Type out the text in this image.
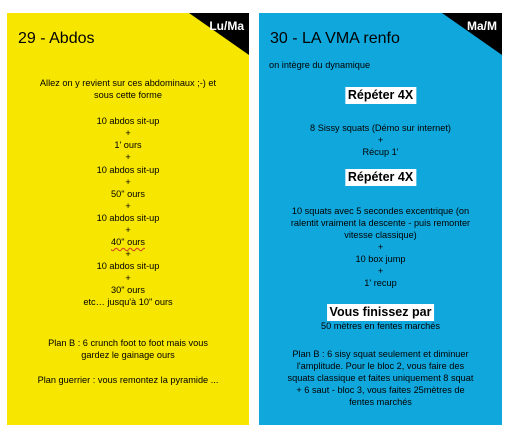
29 - Abdos
Lu/Ma
Allez on y revient sur ces abdominaux ;-) et
sous cette forme
10 abdos sit-up
+
1' ours
+
10 abdos sit-up
+
50" ours
+
10 abdos sit-up
+
40" ours
+
10 abdos sit-up
+
30" ours
etc… jusqu'à 10" ours
Plan B : 6 crunch foot to foot mais vous
gardez le gainage ours
Plan guerrier : vous remontez la pyramide ...
30 - LA VMA renfo
Ma/M
on intègre du dynamique
Répéter 4X
8 Sissy squats (Démo sur internet)
+
Récup 1'
Répéter 4X
10 squats avec 5 secondes excentrique (on
ralentit vraiment la descente - puis remonter
vitesse classique)
+
10 box jump
+
1' recup
Vous finissez par
50 mètres en fentes marchés
Plan B : 6 sisy squat seulement et diminuer
l'amplitude. Pour le bloc 2, vous faire des
squats classique et faites uniquement 8 squat
+ 6 saut - bloc 3, vous faites 25mètres de
fentes marchés
